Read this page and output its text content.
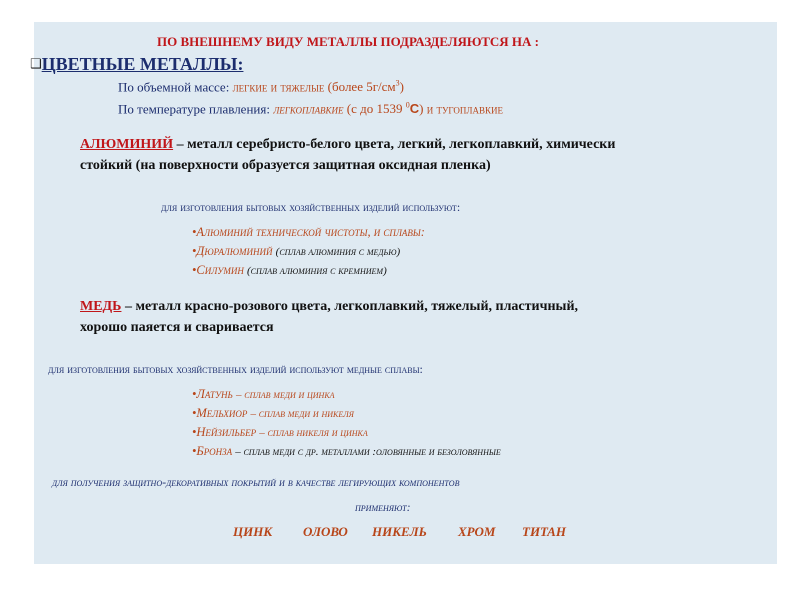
ПО ВНЕШНЕМУ ВИДУ МЕТАЛЛЫ ПОДРАЗДЕЛЯЮТСЯ НА :
❑ЦВЕТНЫЕ МЕТАЛЛЫ:
По объемной массе: легкие и тяжелые (более $5г/см^3$)
По температуре плавления: легкоплавкие (с до 1539 $^0$С) и тугоплавкие
АЛЮМИНИЙ – металл серебристо-белого цвета, легкий, легкоплавкий, химически
стойкий (на поверхности образуется защитная оксидная пленка)
для изготовления бытовых хозяйственных изделий используют:
•Алюминий технической чистоты, и сплавы:
•Дюралюминий (сплав алюминия с медью)
•Силумин (сплав алюминия с кремнием)
МЕДЬ – металл красно-розового цвета, легкоплавкий, тяжелый, пластичный,
хорошо паяется и сваривается
для изготовления бытовых хозяйственных изделий используют медные сплавы:
•Латунь – сплав меди и цинка
•Мельхиор – сплав меди и никеля
•Нейзильбер – сплав никеля и цинка
•Бронза – сплав меди с др. металлами :оловянные и безоловянные
для получения защитно-декоративных покрытий и в качестве легирующих компонентов
применяют:
ЦИНК ОЛОВО НИКЕЛЬ ХРОМ ТИТАН
